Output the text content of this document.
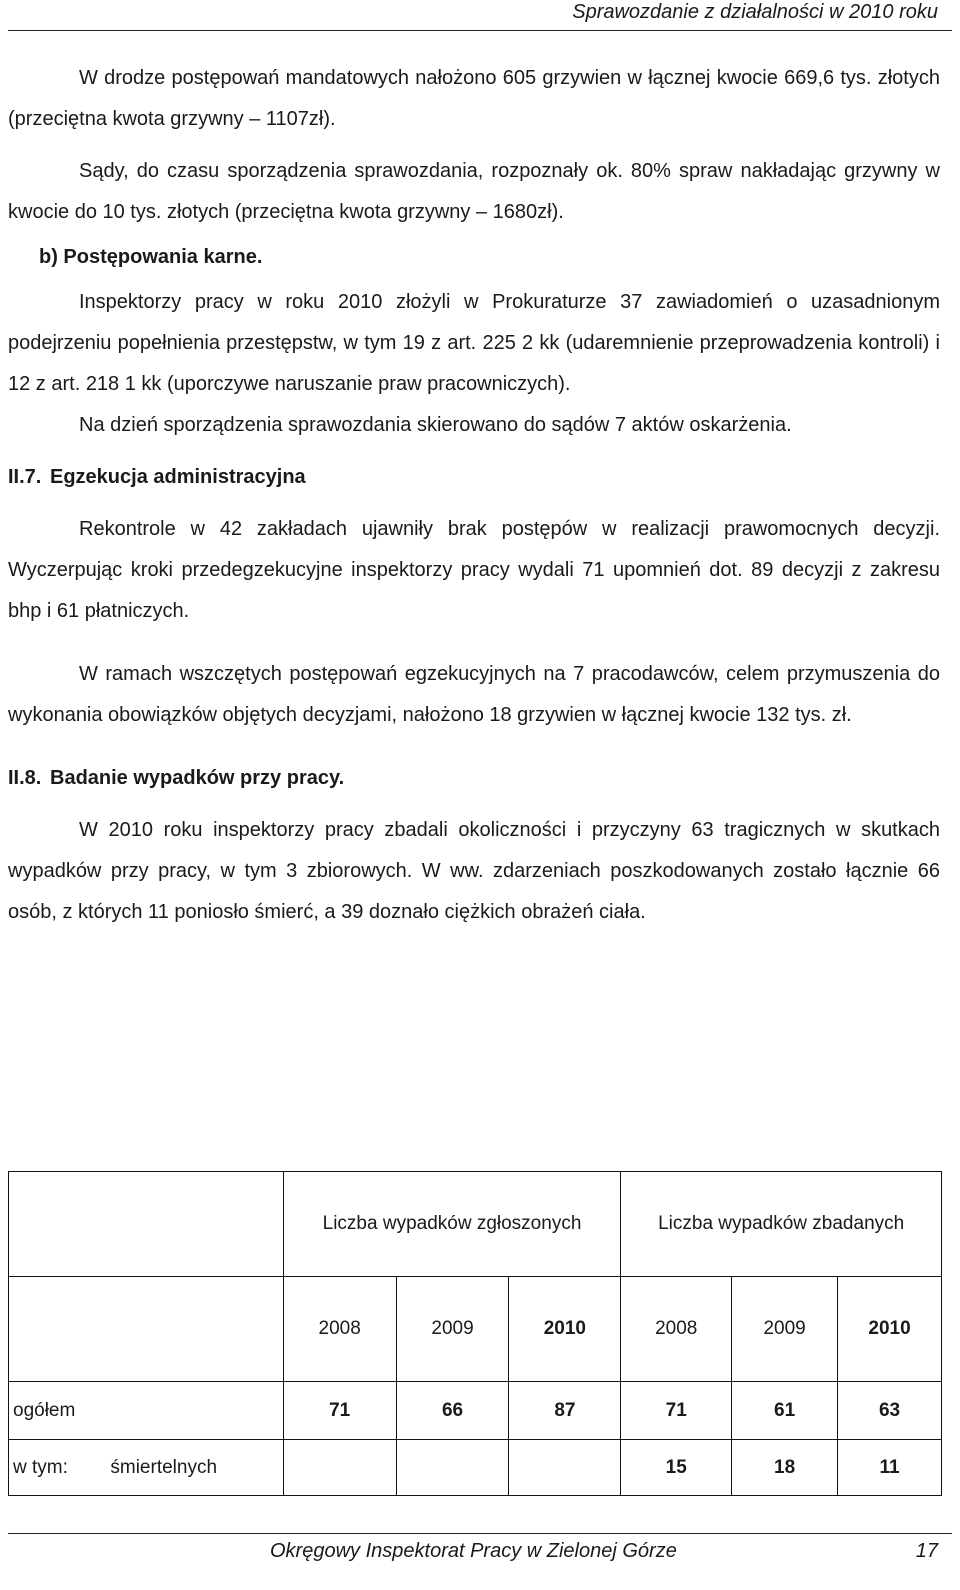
Sprawozdanie z działalności w 2010 roku

W drodze postępowań mandatowych nałożono 605 grzywien w łącznej kwocie 669,6 tys. złotych (przeciętna kwota grzywny – 1107zł).

Sądy, do czasu sporządzenia sprawozdania, rozpoznały ok. 80% spraw nakładając grzywny w kwocie do 10 tys. złotych (przeciętna kwota grzywny – 1680zł).

b) Postępowania karne.

Inspektorzy pracy w roku 2010 złożyli w Prokuraturze 37 zawiadomień o uzasadnionym podejrzeniu popełnienia przestępstw, w tym 19 z art. 225 2 kk (udaremnienie przeprowadzenia kontroli) i 12 z art. 218 1 kk (uporczywe naruszanie praw pracowniczych).

Na dzień sporządzenia sprawozdania skierowano do sądów 7 aktów oskarżenia.

II.7. Egzekucja administracyjna

Rekontrole w 42 zakładach ujawniły brak postępów w realizacji prawomocnych decyzji. Wyczerpując kroki przedegzekucyjne inspektorzy pracy wydali 71 upomnień dot. 89 decyzji z zakresu bhp i 61 płatniczych.

W ramach wszczętych postępowań egzekucyjnych na 7 pracodawców, celem przymuszenia do wykonania obowiązków objętych decyzjami, nałożono 18 grzywien w łącznej kwocie 132 tys. zł.

II.8. Badanie wypadków przy pracy.

W 2010 roku inspektorzy pracy zbadali okoliczności i przyczyny 63 tragicznych w skutkach wypadków przy pracy, w tym 3 zbiorowych. W ww. zdarzeniach poszkodowanych zostało łącznie 66 osób, z których 11 poniosło śmierć, a 39 doznało ciężkich obrażeń ciała.

		Liczba wypadków zgłoszonych			Liczba wypadków zbadanych		
		2008	2009	2010	2008	2009	2010
ogółem		71	66	87	71	61	63
w tym:	śmiertelnych				15	18	11
Okręgowy Inspektorat Pracy w Zielonej Górze	17
